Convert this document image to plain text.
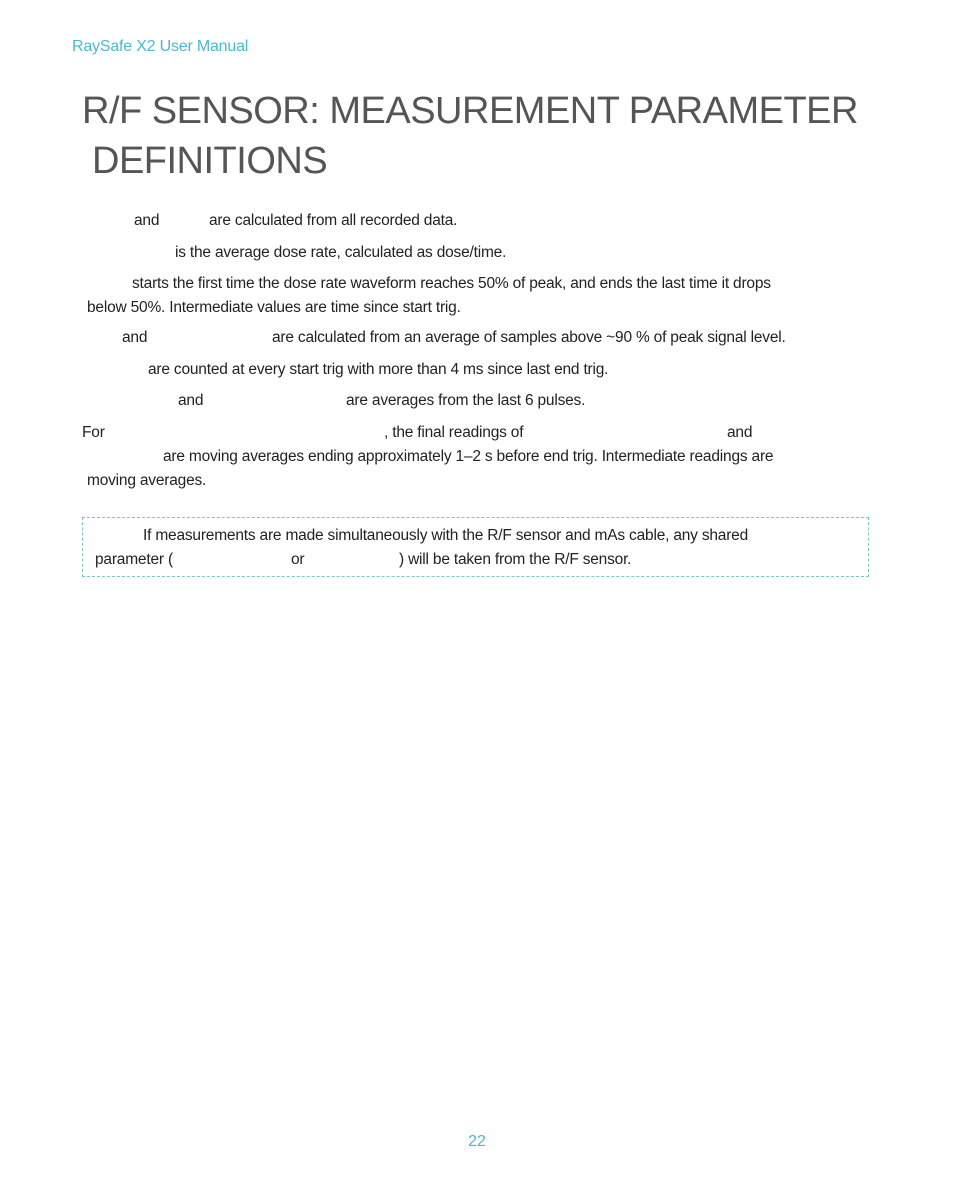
RaySafe X2 User Manual
R/F SENSOR: MEASUREMENT PARAMETER
DEFINITIONS
and	are calculated from all recorded data.
is the average dose rate, calculated as dose/time.
starts the first time the dose rate waveform reaches 50% of peak, and ends the last time it drops
below 50%. Intermediate values are time since start trig.
and	are calculated from an average of samples above ~90 % of peak signal level.
are counted at every start trig with more than 4 ms since last end trig.
and	are averages from the last 6 pulses.
For	, the final readings of	and
are moving averages ending approximately 1–2 s before end trig. Intermediate readings are
moving averages.
If measurements are made simultaneously with the R/F sensor and mAs cable, any shared
parameter (	or	) will be taken from the R/F sensor.
22
